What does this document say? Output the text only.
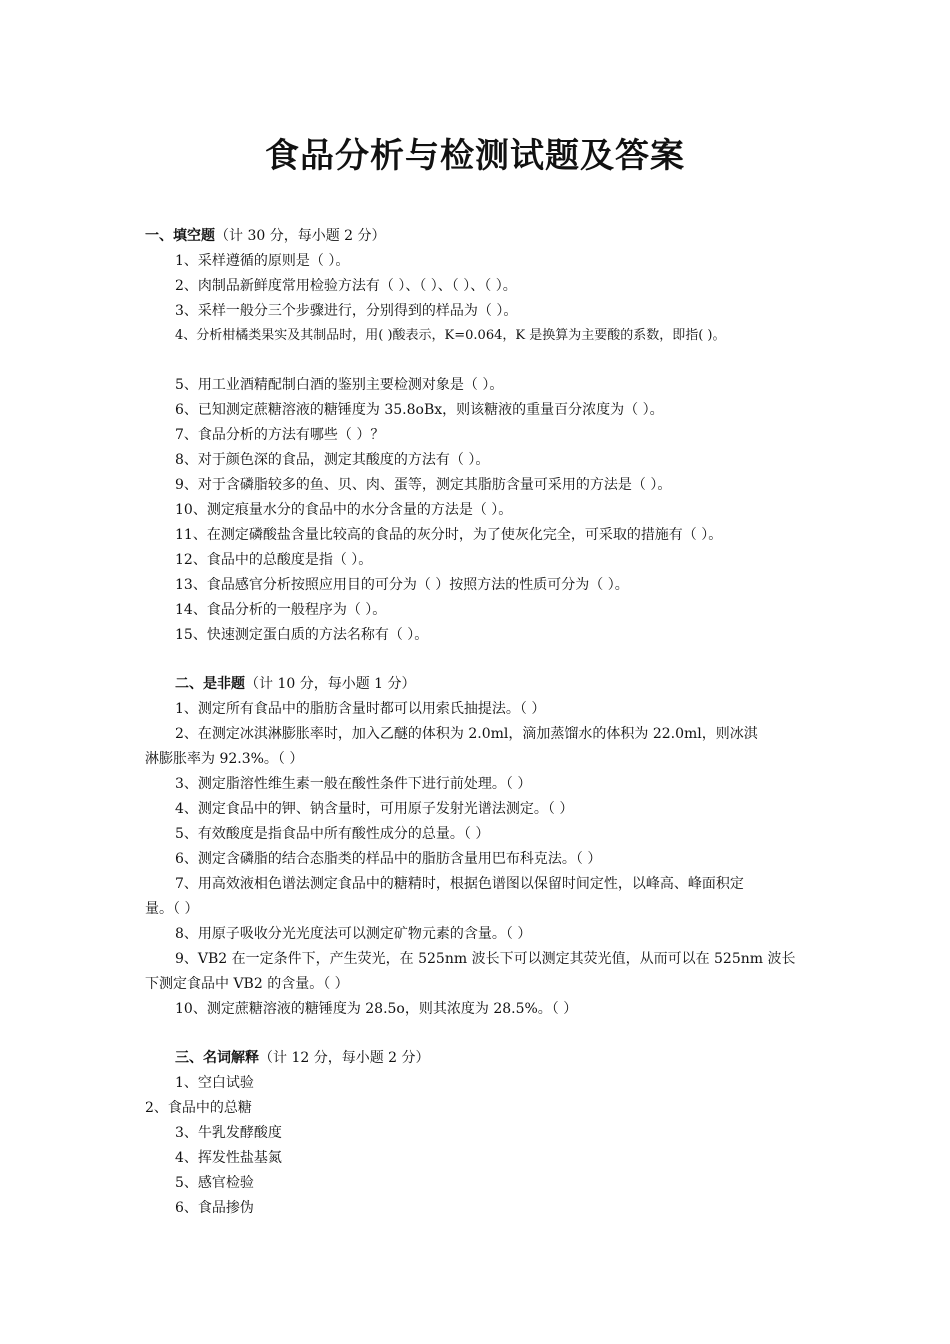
食品分析与检测试题及答案
一、填空题（计 30 分，每小题 2 分）
1、采样遵循的原则是（ ）。
2、肉制品新鲜度常用检验方法有（ ）、（ ）、（ ）、（ ）。
3、采样一般分三个步骤进行，分别得到的样品为（ ）。
4、分析柑橘类果实及其制品时，用( )酸表示，K=0.064，K 是换算为主要酸的系数，即指( )。
5、用工业酒精配制白酒的鉴别主要检测对象是（ ）。
6、已知测定蔗糖溶液的糖锤度为 35.8oBx，则该糖液的重量百分浓度为（ ）。
7、食品分析的方法有哪些（ ）？
8、对于颜色深的食品，测定其酸度的方法有（ ）。
9、对于含磷脂较多的鱼、贝、肉、蛋等，测定其脂肪含量可采用的方法是（ ）。
10、测定痕量水分的食品中的水分含量的方法是（ ）。
11、在测定磷酸盐含量比较高的食品的灰分时，为了使灰化完全，可采取的措施有（ ）。
12、食品中的总酸度是指（ ）。
13、食品感官分析按照应用目的可分为（ ）按照方法的性质可分为（ ）。
14、食品分析的一般程序为（ ）。
15、快速测定蛋白质的方法名称有（ ）。
二、是非题（计 10 分，每小题 1 分）
1、测定所有食品中的脂肪含量时都可以用索氏抽提法。（ ）
2、在测定冰淇淋膨胀率时，加入乙醚的体积为 2.0ml，滴加蒸馏水的体积为 22.0ml，则冰淇
淋膨胀率为 92.3%。（ ）
3、测定脂溶性维生素一般在酸性条件下进行前处理。（ ）
4、测定食品中的钾、钠含量时，可用原子发射光谱法测定。（ ）
5、有效酸度是指食品中所有酸性成分的总量。（ ）
6、测定含磷脂的结合态脂类的样品中的脂肪含量用巴布科克法。（ ）
7、用高效液相色谱法测定食品中的糖精时，根据色谱图以保留时间定性，以峰高、峰面积定
量。（ ）
8、用原子吸收分光光度法可以测定矿物元素的含量。（ ）
9、VB2 在一定条件下，产生荧光，在 525nm 波长下可以测定其荧光值，从而可以在 525nm 波长
下测定食品中 VB2 的含量。（ ）
10、测定蔗糖溶液的糖锤度为 28.5o，则其浓度为 28.5%。（ ）
三、名词解释（计 12 分，每小题 2 分）
1、空白试验
2、食品中的总糖
3、牛乳发酵酸度
4、挥发性盐基氮
5、感官检验
6、食品掺伪
